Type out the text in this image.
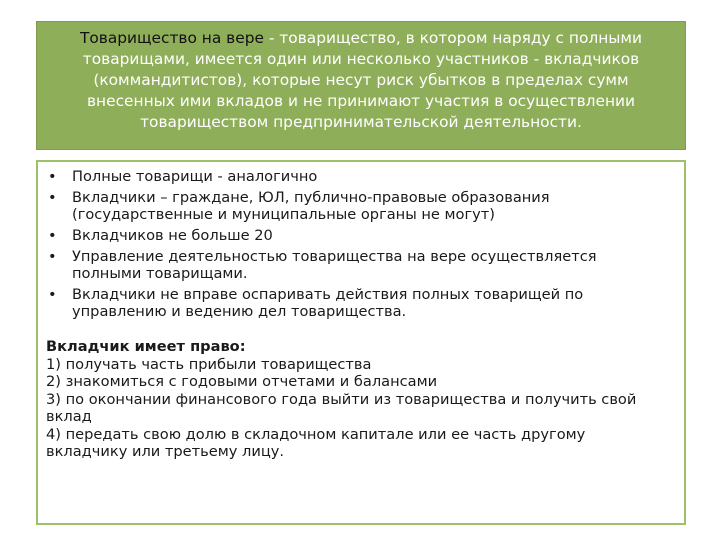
Товарищество на вере - товарищество, в котором наряду с полными товарищами, имеется один или несколько участников - вкладчиков (коммандитистов), которые несут риск убытков в пределах сумм внесенных ими вкладов и не принимают участия в осуществлении товариществом предпринимательской деятельности.
• Полные товарищи - аналогично
• Вкладчики – граждане, ЮЛ, публично-правовые образования (государственные и муниципальные органы не могут)
• Вкладчиков не больше 20
• Управление деятельностью товарищества на вере осуществляется полными товарищами.
• Вкладчики не вправе оспаривать действия полных товарищей по управлению и ведению дел товарищества.
Вкладчик имеет право:
1) получать часть прибыли товарищества
2) знакомиться с годовыми отчетами и балансами
3) по окончании финансового года выйти из товарищества и получить свой вклад
4) передать свою долю в складочном капитале или ее часть другому вкладчику или третьему лицу.
